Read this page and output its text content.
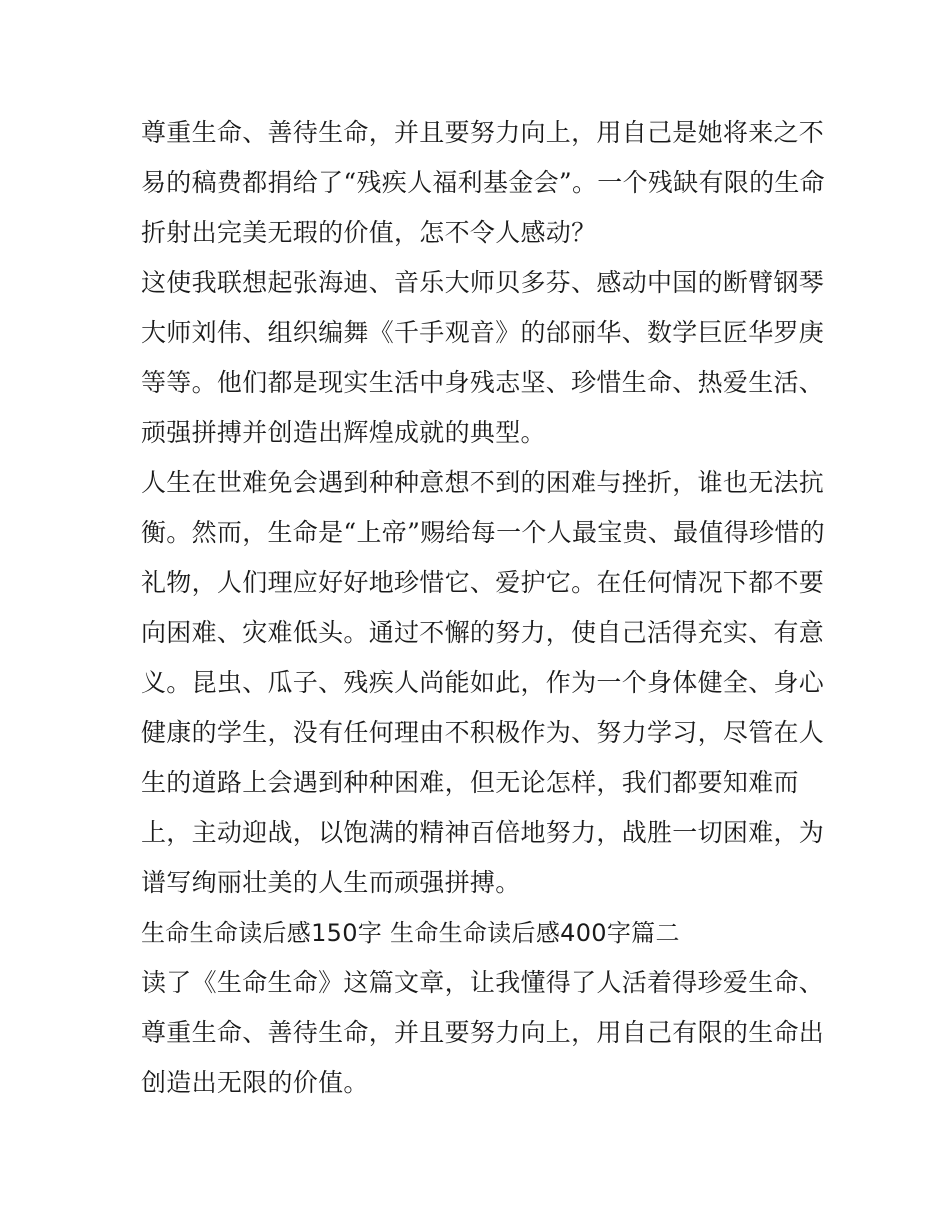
尊重生命、善待生命，并且要努力向上，用自己是她将来之不
易的稿费都捐给了“残疾人福利基金会”。一个残缺有限的生命
折射出完美无瑕的价值，怎不令人感动？
这使我联想起张海迪、音乐大师贝多芬、感动中国的断臂钢琴
大师刘伟、组织编舞《千手观音》的邰丽华、数学巨匠华罗庚
等等。他们都是现实生活中身残志坚、珍惜生命、热爱生活、
顽强拼搏并创造出辉煌成就的典型。
人生在世难免会遇到种种意想不到的困难与挫折，谁也无法抗
衡。然而，生命是“上帝”赐给每一个人最宝贵、最值得珍惜的
礼物，人们理应好好地珍惜它、爱护它。在任何情况下都不要
向困难、灾难低头。通过不懈的努力，使自己活得充实、有意
义。昆虫、瓜子、残疾人尚能如此，作为一个身体健全、身心
健康的学生，没有任何理由不积极作为、努力学习，尽管在人
生的道路上会遇到种种困难，但无论怎样，我们都要知难而
上，主动迎战，以饱满的精神百倍地努力，战胜一切困难，为
谱写绚丽壮美的人生而顽强拼搏。
生命生命读后感150字 生命生命读后感400字篇二
读了《生命生命》这篇文章，让我懂得了人活着得珍爱生命、
尊重生命、善待生命，并且要努力向上，用自己有限的生命出
创造出无限的价值。
